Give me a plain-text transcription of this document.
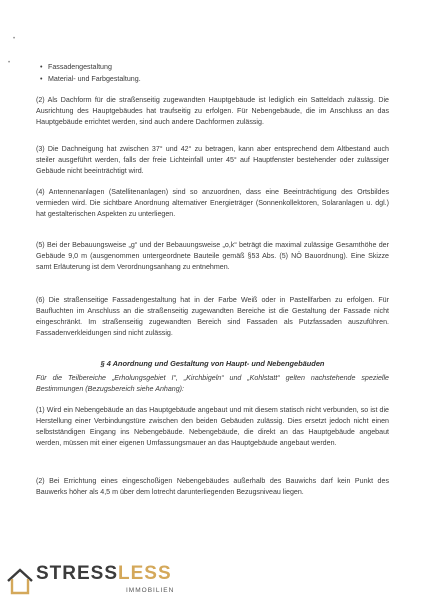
•
•
•	Fassadengestaltung
• Material- und Farbgestaltung.
(2) Als Dachform für die straßenseitig zugewandten Hauptgebäude ist lediglich ein Satteldach zulässig. Die Ausrichtung des Hauptgebäudes hat traufseitig zu erfolgen. Für Nebengebäude, die im Anschluss an das Hauptgebäude errichtet werden, sind auch andere Dachformen zulässig.
(3) Die Dachneigung hat zwischen 37° und 42° zu betragen, kann aber entsprechend dem Altbestand auch steiler ausgeführt werden, falls der freie Lichteinfall unter 45° auf Hauptfenster bestehender oder zulässiger Gebäude nicht beeinträchtigt wird.
(4) Antennenanlagen (Satellitenanlagen) sind so anzuordnen, dass eine Beeinträchtigung des Ortsbildes vermieden wird. Die sichtbare Anordnung alternativer Energieträger (Sonnenkollektoren, Solaranlagen u. dgl.) hat gestalterischen Aspekten zu unterliegen.
(5) Bei der Bebauungsweise „g“ und der Bebauungsweise „o,k“ beträgt die maximal zulässige Gesamthöhe der Gebäude 9,0 m (ausgenommen untergeordnete Bauteile gemäß §53 Abs. (5) NÖ Bauordnung). Eine Skizze samt Erläuterung ist dem Verordnungsanhang zu entnehmen.
(6) Die straßenseitige Fassadengestaltung hat in der Farbe Weiß oder in Pastellfarben zu erfolgen. Für Baufluchten im Anschluss an die straßenseitig zugewandten Bereiche ist die Gestaltung der Fassade nicht eingeschränkt. Im straßenseitig zugewandten Bereich sind Fassaden als Putzfassaden auszuführen. Fassadenverkleidungen sind nicht zulässig.
§ 4 Anordnung und Gestaltung von Haupt- und Nebengebäuden
Für die Teilbereiche „Erholungsgebiet I“, „Kirchbigeln“ und „Kohlstatt“ gelten nachstehende spezielle Bestimmungen (Bezugsbereich siehe Anhang):
(1) Wird ein Nebengebäude an das Hauptgebäude angebaut und mit diesem statisch nicht verbunden, so ist die Herstellung einer Verbindungstüre zwischen den beiden Gebäuden zulässig. Dies ersetzt jedoch nicht einen selbstständigen Eingang ins Nebengebäude. Nebengebäude, die direkt an das Hauptgebäude angebaut werden, müssen mit einer eigenen Umfassungsmauer an das Hauptgebäude angebaut werden.
(2) Bei Errichtung eines eingeschoßigen Nebengebäudes außerhalb des Bauwichs darf kein Punkt des Bauwerks höher als 4,5 m über dem lotrecht darunterliegenden Bezugsniveau liegen.
STRESSLESS
IMMOBILIEN
